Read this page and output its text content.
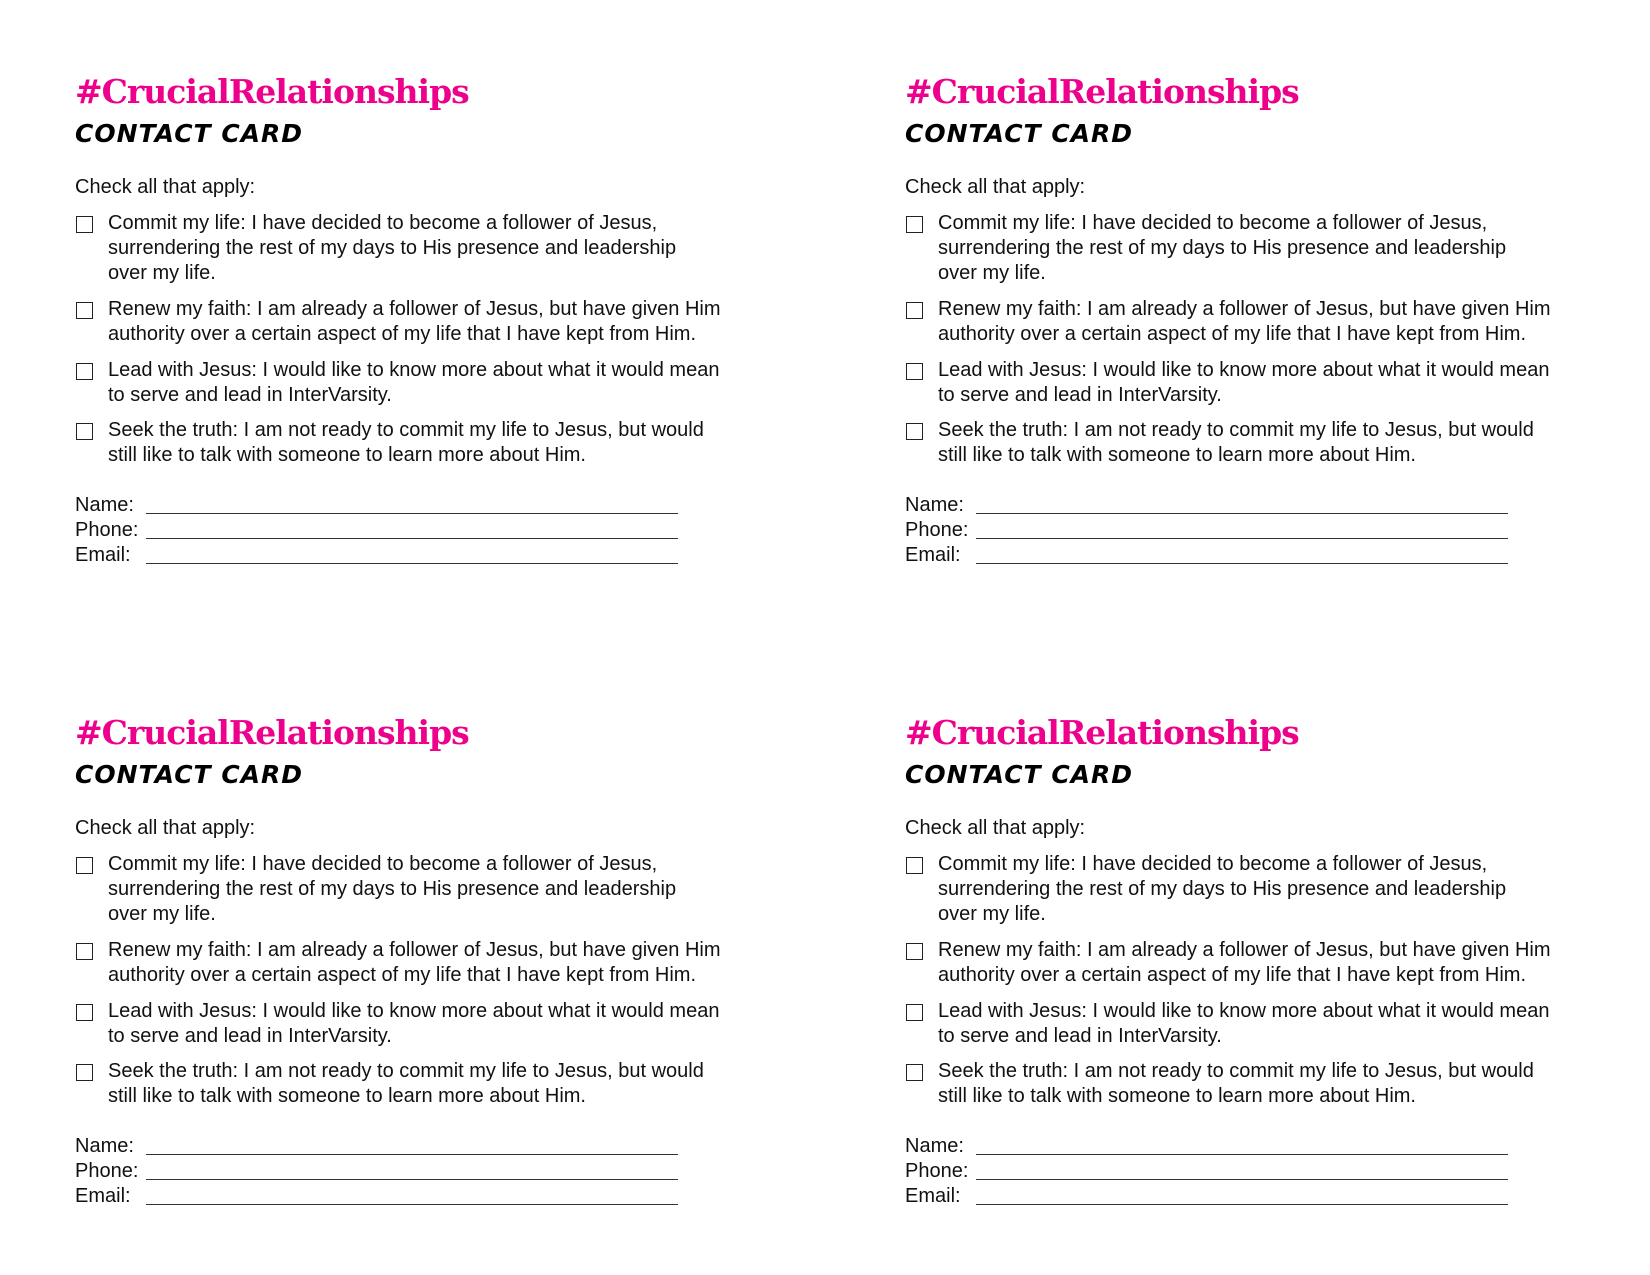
#CrucialRelationships
CONTACT CARD
Check all that apply:
Commit my life: I have decided to become a follower of Jesus,
surrendering the rest of my days to His presence and leadership
over my life.
Renew my faith: I am already a follower of Jesus, but have given Him
authority over a certain aspect of my life that I have kept from Him.
Lead with Jesus: I would like to know more about what it would mean
to serve and lead in InterVarsity.
Seek the truth: I am not ready to commit my life to Jesus, but would
still like to talk with someone to learn more about Him.
Name:
Phone:
Email:
#CrucialRelationships
CONTACT CARD
Check all that apply:
Commit my life: I have decided to become a follower of Jesus,
surrendering the rest of my days to His presence and leadership
over my life.
Renew my faith: I am already a follower of Jesus, but have given Him
authority over a certain aspect of my life that I have kept from Him.
Lead with Jesus: I would like to know more about what it would mean
to serve and lead in InterVarsity.
Seek the truth: I am not ready to commit my life to Jesus, but would
still like to talk with someone to learn more about Him.
Name:
Phone:
Email:
#CrucialRelationships
CONTACT CARD
Check all that apply:
Commit my life: I have decided to become a follower of Jesus,
surrendering the rest of my days to His presence and leadership
over my life.
Renew my faith: I am already a follower of Jesus, but have given Him
authority over a certain aspect of my life that I have kept from Him.
Lead with Jesus: I would like to know more about what it would mean
to serve and lead in InterVarsity.
Seek the truth: I am not ready to commit my life to Jesus, but would
still like to talk with someone to learn more about Him.
Name:
Phone:
Email:
#CrucialRelationships
CONTACT CARD
Check all that apply:
Commit my life: I have decided to become a follower of Jesus,
surrendering the rest of my days to His presence and leadership
over my life.
Renew my faith: I am already a follower of Jesus, but have given Him
authority over a certain aspect of my life that I have kept from Him.
Lead with Jesus: I would like to know more about what it would mean
to serve and lead in InterVarsity.
Seek the truth: I am not ready to commit my life to Jesus, but would
still like to talk with someone to learn more about Him.
Name:
Phone:
Email:
